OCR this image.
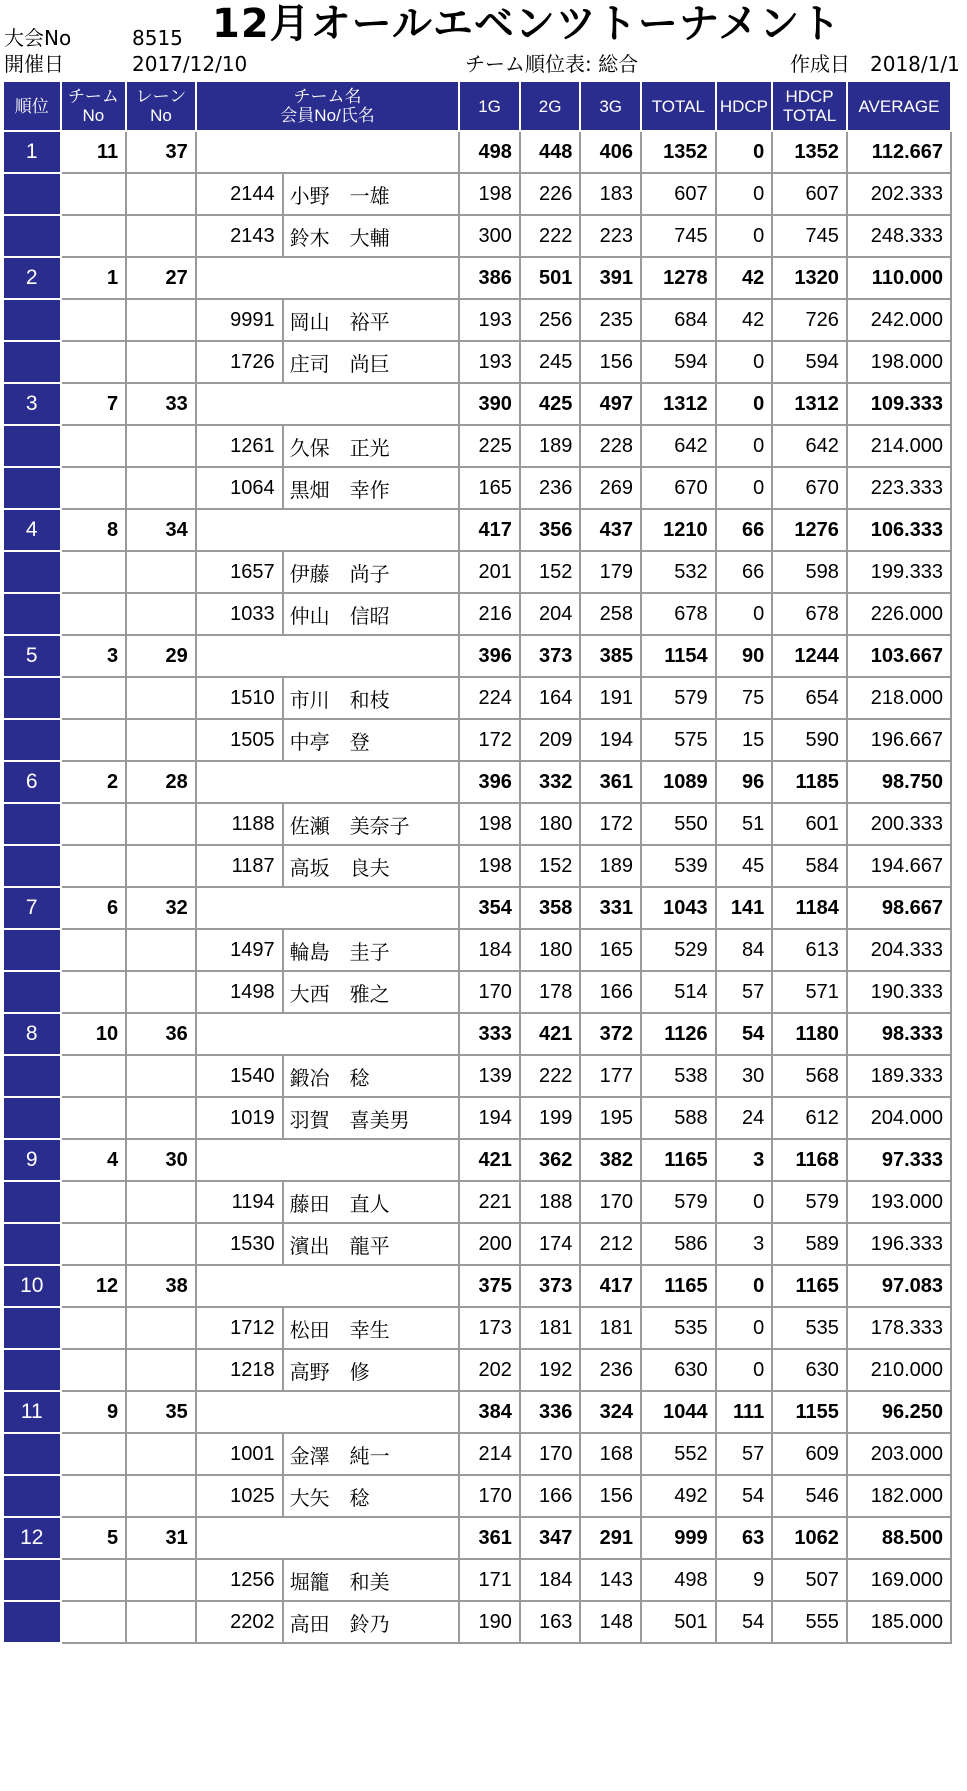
大会No	8515 12月オールエベンツトーナメント
開催日	2017/12/10	チーム順位表: 総合	作成日 2018/1/1
順位	チーム
No	レーン
No	チーム名
会員No/氏名		1G	2G	3G	TOTAL	HDCP	HDCP
TOTAL	AVERAGE
1	11	37			498	448	406	1352	0	1352	112.667
			2144	小野　一雄	198	226	183	607	0	607	202.333
			2143	鈴木　大輔	300	222	223	745	0	745	248.333
2	1	27			386	501	391	1278	42	1320	110.000
			9991	岡山　裕平	193	256	235	684	42	726	242.000
			1726	庄司　尚巨	193	245	156	594	0	594	198.000
3	7	33			390	425	497	1312	0	1312	109.333
			1261	久保　正光	225	189	228	642	0	642	214.000
			1064	黒畑　幸作	165	236	269	670	0	670	223.333
4	8	34			417	356	437	1210	66	1276	106.333
			1657	伊藤　尚子	201	152	179	532	66	598	199.333
			1033	仲山　信昭	216	204	258	678	0	678	226.000
5	3	29			396	373	385	1154	90	1244	103.667
			1510	市川　和枝	224	164	191	579	75	654	218.000
			1505	中亭　登	172	209	194	575	15	590	196.667
6	2	28			396	332	361	1089	96	1185	98.750
			1188	佐瀬　美奈子	198	180	172	550	51	601	200.333
			1187	高坂　良夫	198	152	189	539	45	584	194.667
7	6	32			354	358	331	1043	141	1184	98.667
			1497	輪島　圭子	184	180	165	529	84	613	204.333
			1498	大西　雅之	170	178	166	514	57	571	190.333
8	10	36			333	421	372	1126	54	1180	98.333
			1540	鍛冶　稔	139	222	177	538	30	568	189.333
			1019	羽賀　喜美男	194	199	195	588	24	612	204.000
9	4	30			421	362	382	1165	3	1168	97.333
			1194	藤田　直人	221	188	170	579	0	579	193.000
			1530	濱出　龍平	200	174	212	586	3	589	196.333
10	12	38			375	373	417	1165	0	1165	97.083
			1712	松田　幸生	173	181	181	535	0	535	178.333
			1218	高野　修	202	192	236	630	0	630	210.000
11	9	35			384	336	324	1044	111	1155	96.250
			1001	金澤　純一	214	170	168	552	57	609	203.000
			1025	大矢　稔	170	166	156	492	54	546	182.000
12	5	31			361	347	291	999	63	1062	88.500
			1256	堀籠　和美	171	184	143	498	9	507	169.000
			2202	高田　鈴乃	190	163	148	501	54	555	185.000
